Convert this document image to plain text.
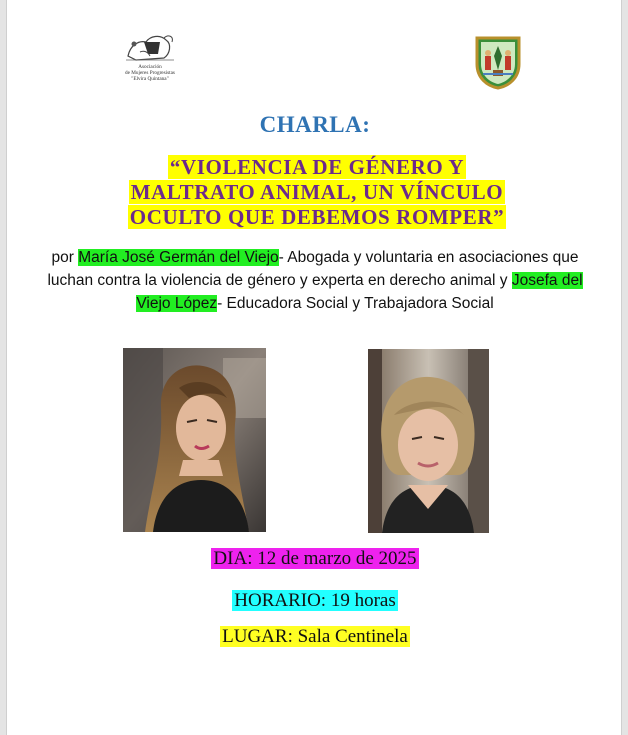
Asociación
de Mujeres Progresistas
"Elvira Quintana"
CHARLA:
“VIOLENCIA DE GÉNERO Y
MALTRATO ANIMAL, UN VÍNCULO
OCULTO QUE DEBEMOS ROMPER”
por María José Germán del Viejo- Abogada y voluntaria en asociaciones que luchan contra la violencia de género y experta en derecho animal y Josefa del Viejo López- Educadora Social y Trabajadora Social
DIA: 12 de marzo de 2025
HORARIO: 19 horas
LUGAR: Sala Centinela
